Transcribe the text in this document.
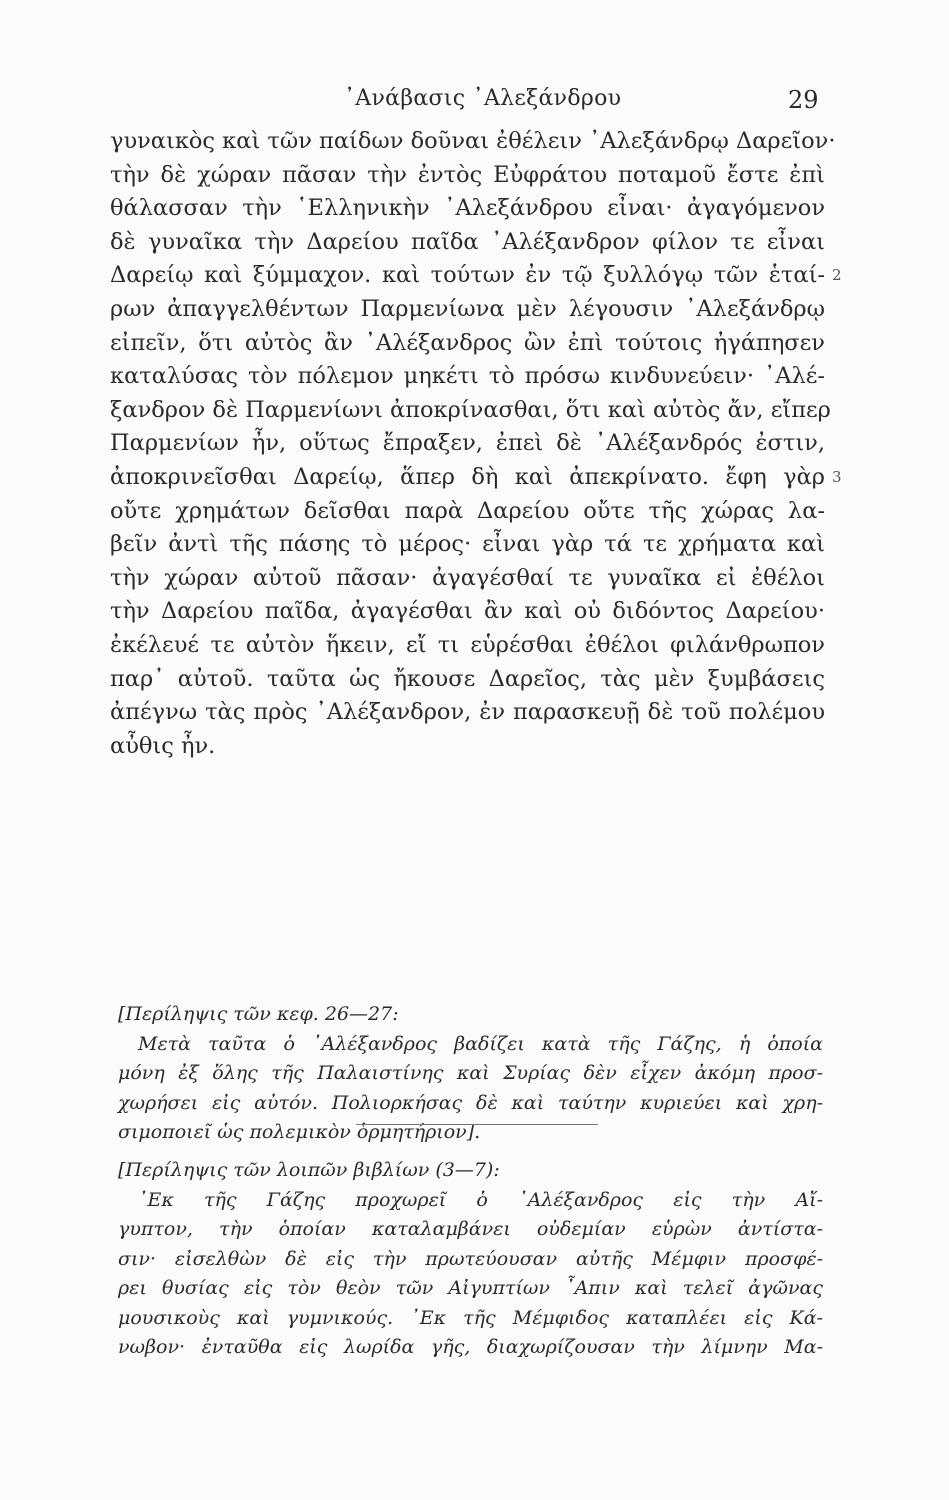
᾿Ανάβασις ᾿Αλεξάνδρου	29
γυναικὸς καὶ τῶν παίδων δοῦναι ἐθέλειν ᾿Αλεξάνδρῳ Δαρεῖον·
τὴν δὲ χώραν πᾶσαν τὴν ἐντὸς Εὐφράτου ποταμοῦ ἔστε ἐπὶ
θάλασσαν τὴν ῾Ελληνικὴν ᾿Αλεξάνδρου εἶναι· ἀγαγόμενον
δὲ γυναῖκα τὴν Δαρείου παῖδα ᾿Αλέξανδρον φίλον τε εἶναι
Δαρείῳ καὶ ξύμμαχον. καὶ τούτων ἐν τῷ ξυλλόγῳ τῶν ἑταί- 2
ρων ἀπαγγελθέντων Παρμενίωνα μὲν λέγουσιν ᾿Αλεξάνδρῳ
εἰπεῖν, ὅτι αὐτὸς ἂν ᾿Αλέξανδρος ὢν ἐπὶ τούτοις ἠγάπησεν
καταλύσας τὸν πόλεμον μηκέτι τὸ πρόσω κινδυνεύειν· ᾿Αλέ-
ξανδρον δὲ Παρμενίωνι ἀποκρίνασθαι, ὅτι καὶ αὐτὸς ἄν, εἴπερ
Παρμενίων ἦν, οὕτως ἔπραξεν, ἐπεὶ δὲ ᾿Αλέξανδρός ἐστιν,
ἀποκρινεῖσθαι Δαρείῳ, ἅπερ δὴ καὶ ἀπεκρίνατο. ἔφη γὰρ 3
οὔτε χρημάτων δεῖσθαι παρὰ Δαρείου οὔτε τῆς χώρας λα-
βεῖν ἀντὶ τῆς πάσης τὸ μέρος· εἶναι γὰρ τά τε χρήματα καὶ
τὴν χώραν αὐτοῦ πᾶσαν· ἀγαγέσθαί τε γυναῖκα εἰ ἐθέλοι
τὴν Δαρείου παῖδα, ἀγαγέσθαι ἂν καὶ οὐ διδόντος Δαρείου·
ἐκέλευέ τε αὐτὸν ἥκειν, εἴ τι εὑρέσθαι ἐθέλοι φιλάνθρωπον
παρ᾿ αὐτοῦ. ταῦτα ὡς ἤκουσε Δαρεῖος, τὰς μὲν ξυμβάσεις
ἀπέγνω τὰς πρὸς ᾿Αλέξανδρον, ἐν παρασκευῇ δὲ τοῦ πολέμου
αὖθις ἦν.
[Περίληψις τῶν κεφ. 26—27:
Μετὰ ταῦτα ὁ ᾿Αλέξανδρος βαδίζει κατὰ τῆς Γάζης, ἡ ὁποία
μόνη ἐξ ὅλης τῆς Παλαιστίνης καὶ Συρίας δὲν εἶχεν ἀκόμη προσ-
χωρήσει εἰς αὐτόν. Πολιορκήσας δὲ καὶ ταύτην κυριεύει καὶ χρη-
σιμοποιεῖ ὡς πολεμικὸν ὁρμητήριον].
[Περίληψις τῶν λοιπῶν βιβλίων (3—7):
᾿Εκ τῆς Γάζης προχωρεῖ ὁ ᾿Αλέξανδρος εἰς τὴν Αἴ-
γυπτον, τὴν ὁποίαν καταλαμβάνει οὐδεμίαν εὑρὼν ἀντίστα-
σιν· εἰσελθὼν δὲ εἰς τὴν πρωτεύουσαν αὐτῆς Μέμφιν προσφέ-
ρει θυσίας εἰς τὸν θεὸν τῶν Αἰγυπτίων ῏Απιν καὶ τελεῖ ἀγῶνας
μουσικοὺς καὶ γυμνικούς. ᾿Εκ τῆς Μέμφιδος καταπλέει εἰς Κά-
νωβον· ἐνταῦθα εἰς λωρίδα γῆς, διαχωρίζουσαν τὴν λίμνην Μα-
